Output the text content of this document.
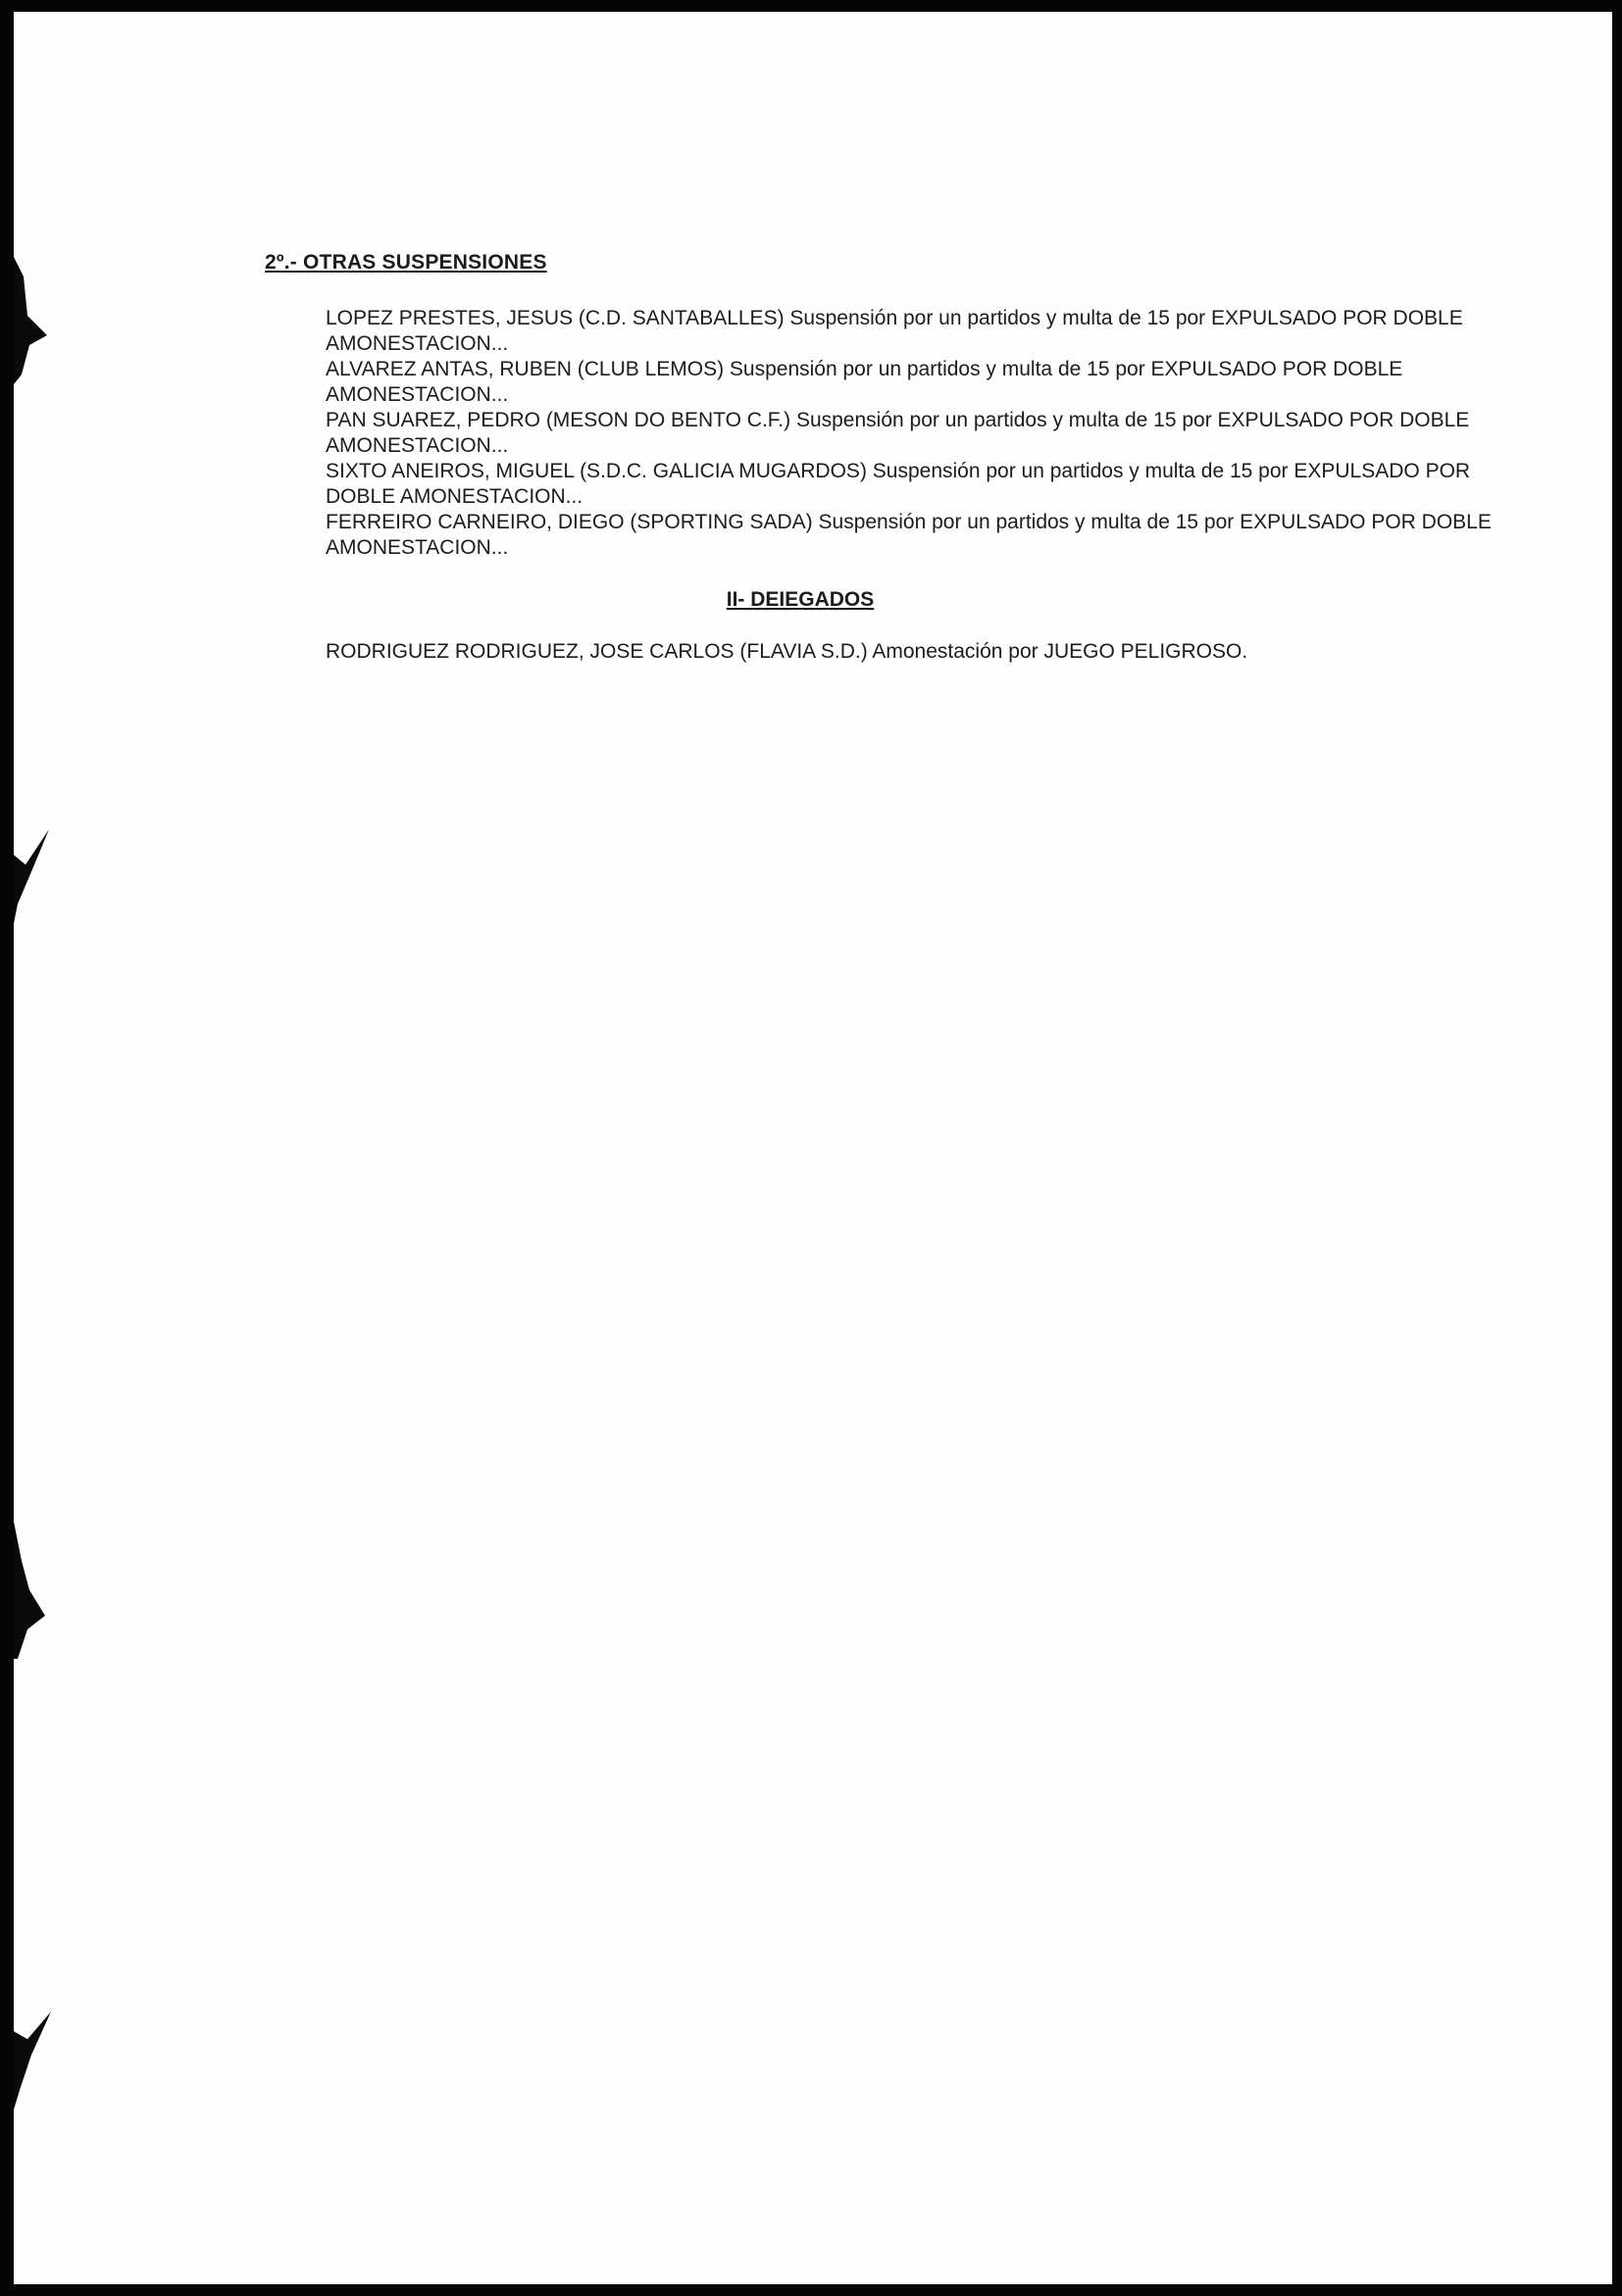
2º.- OTRAS SUSPENSIONES
LOPEZ PRESTES, JESUS (C.D. SANTABALLES) Suspensión por un partidos y multa de 15 por EXPULSADO POR DOBLE AMONESTACION...
ALVAREZ ANTAS, RUBEN (CLUB LEMOS) Suspensión por un partidos y multa de 15 por EXPULSADO POR DOBLE AMONESTACION...
PAN SUAREZ, PEDRO (MESON DO BENTO C.F.) Suspensión por un partidos y multa de 15 por EXPULSADO POR DOBLE AMONESTACION...
SIXTO ANEIROS, MIGUEL (S.D.C. GALICIA MUGARDOS) Suspensión por un partidos y multa de 15 por EXPULSADO POR DOBLE AMONESTACION...
FERREIRO CARNEIRO, DIEGO (SPORTING SADA) Suspensión por un partidos y multa de 15 por EXPULSADO POR DOBLE AMONESTACION...
II- DEIEGADOS

RODRIGUEZ RODRIGUEZ, JOSE CARLOS (FLAVIA S.D.) Amonestación por JUEGO PELIGROSO.
